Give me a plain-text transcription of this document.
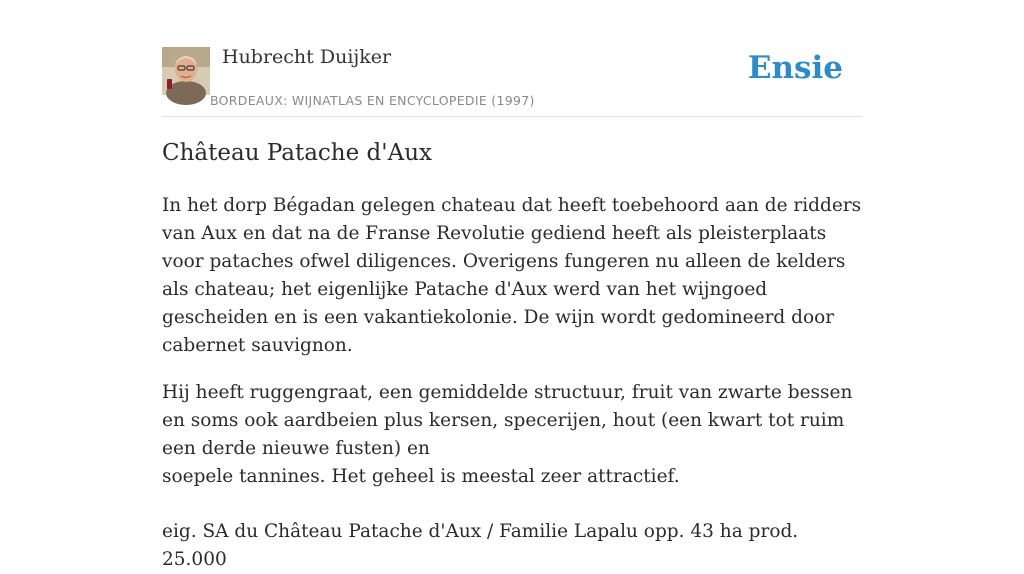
Hubrecht Duijker
BORDEAUX: WIJNATLAS EN ENCYCLOPEDIE (1997)
Ensie
Château Patache d'Aux

In het dorp Bégadan gelegen chateau dat heeft toebehoord aan de ridders van Aux en dat na de Franse Revolutie gediend heeft als pleisterplaats voor pataches ofwel diligences. Overigens fungeren nu alleen de kelders als chateau; het eigenlijke Patache d'Aux werd van het wijngoed gescheiden en is een vakantiekolonie. De wijn wordt gedomineerd door cabernet sauvignon.

Hij heeft ruggengraat, een gemiddelde structuur, fruit van zwarte bessen en soms ook aardbeien plus kersen, specerijen, hout (een kwart tot ruim een derde nieuwe fusten) en

soepele tannines. Het geheel is meestal zeer attractief.

eig. SA du Château Patache d'Aux / Familie Lapalu opp. 43 ha prod. 25.000
